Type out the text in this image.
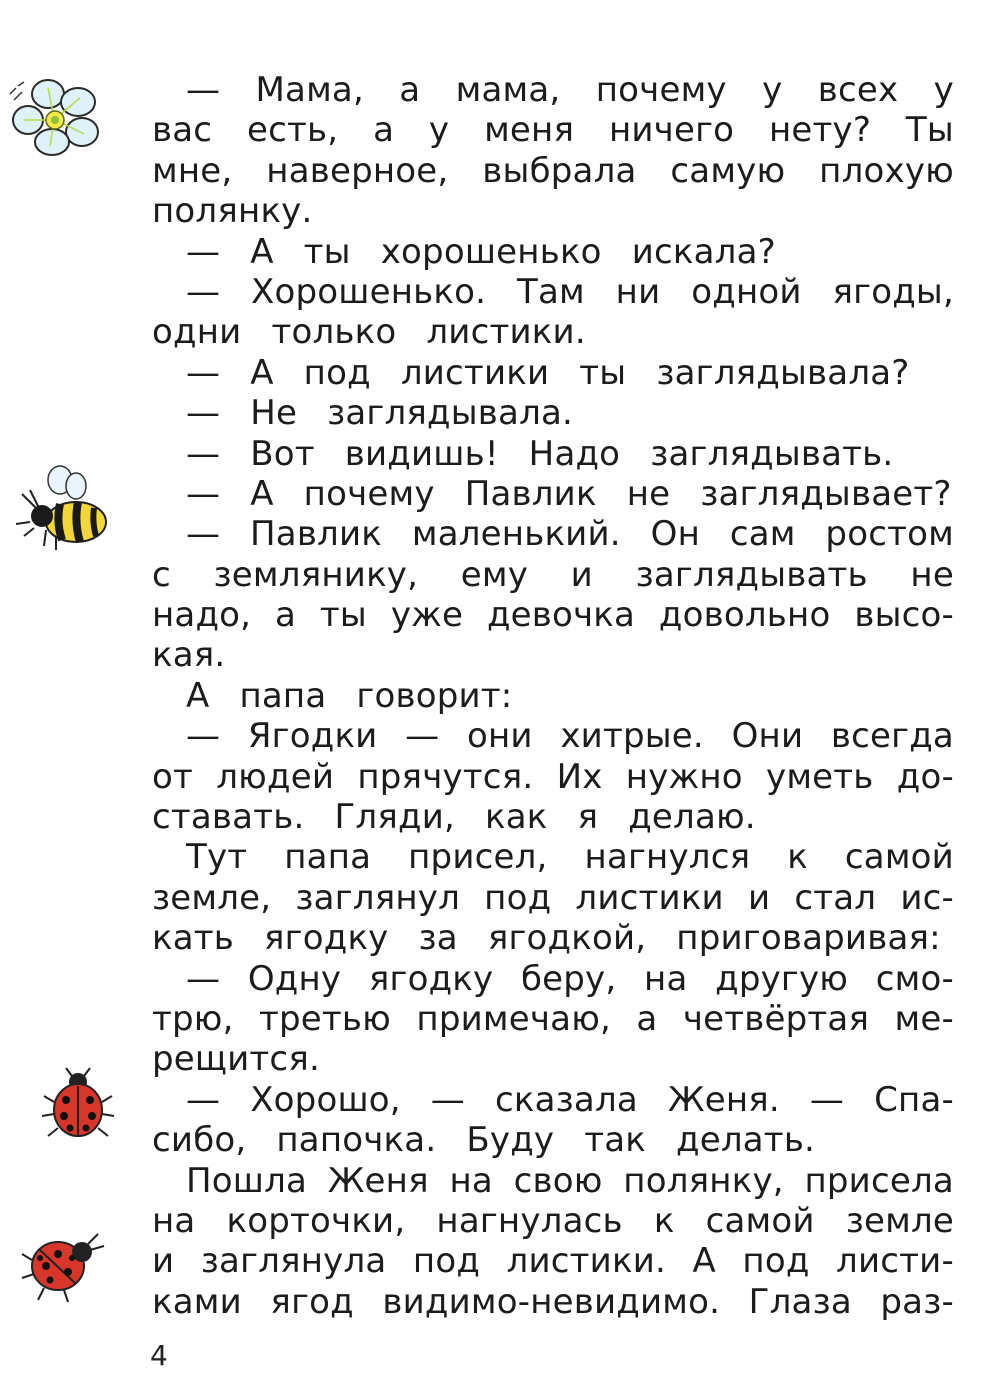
— Мама, а мама, почему у всех у
вас есть, а у меня ничего нету? Ты
мне, наверное, выбрала самую плохую
полянку.
— А ты хорошенько искала?
— Хорошенько. Там ни одной ягоды,
одни только листики.
— А под листики ты заглядывала?
— Не заглядывала.
— Вот видишь! Надо заглядывать.
— А почему Павлик не заглядывает?
— Павлик маленький. Он сам ростом
с землянику, ему и заглядывать не
надо, а ты уже девочка довольно высо-
кая.
А папа говорит:
— Ягодки — они хитрые. Они всегда
от людей прячутся. Их нужно уметь до-
ставать. Гляди, как я делаю.
Тут папа присел, нагнулся к самой
земле, заглянул под листики и стал ис-
кать ягодку за ягодкой, приговаривая:
— Одну ягодку беру, на другую смо-
трю, третью примечаю, а четвёртая ме-
рещится.
— Хорошо, — сказала Женя. — Спа-
сибо, папочка. Буду так делать.
Пошла Женя на свою полянку, присела
на корточки, нагнулась к самой земле
и заглянула под листики. А под листи-
ками ягод видимо-невидимо. Глаза раз-
4
